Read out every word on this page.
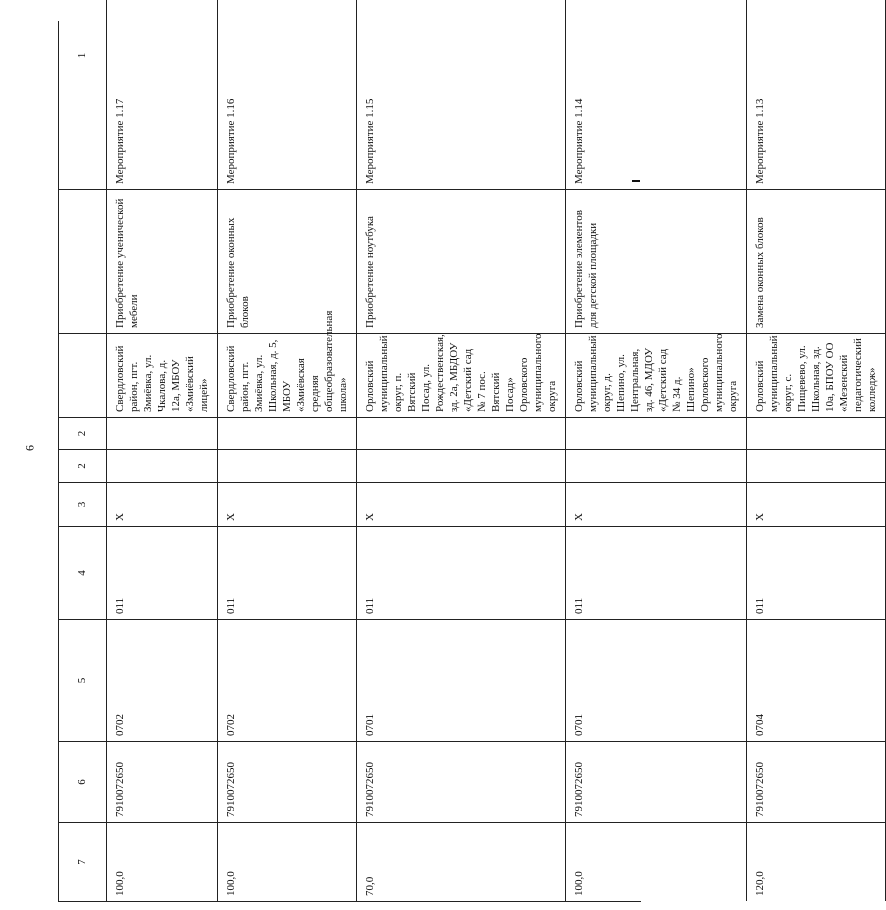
6
7
6
5
4
3
2
2
1
100,0
7910072650
0702
011
X
Свердловский район, пгт. Змиёвка, ул. Чкалова, д. 12а, МБОУ «Змиёвский лицей»
Приобретение ученической мебели
Мероприятие 1.17
100,0
7910072650
0702
011
X
Свердловский район, пгт. Змиёвка, ул. Школьная, д. 5, МБОУ «Змиёвская средняя общеобразовательная школа»
Приобретение оконных блоков
Мероприятие 1.16
70,0
7910072650
0701
011
X
Орловский муниципальный округ, п. Вятский Посад, ул. Рождественская, зд. 2а, МБДОУ «Детский сад № 7 пос. Вятский Посад» Орловского муниципального округа
Приобретение ноутбука
Мероприятие 1.15
100,0
7910072650
0701
011
X
Орловский муниципальный округ, д. Шепино, ул. Центральная, зд. 46, МДОУ «Детский сад № 34 д. Шепино» Орловского муниципального округа
Приобретение элементов для детской площадки
Мероприятие 1.14
120,0
7910072650
0704
011
X
Орловский муниципальный округ, с. Пищевево, ул. Школьная, зд. 10а, БПОУ ОО «Мезенский педагогический колледж»
Замена оконных блоков
Мероприятие 1.13
